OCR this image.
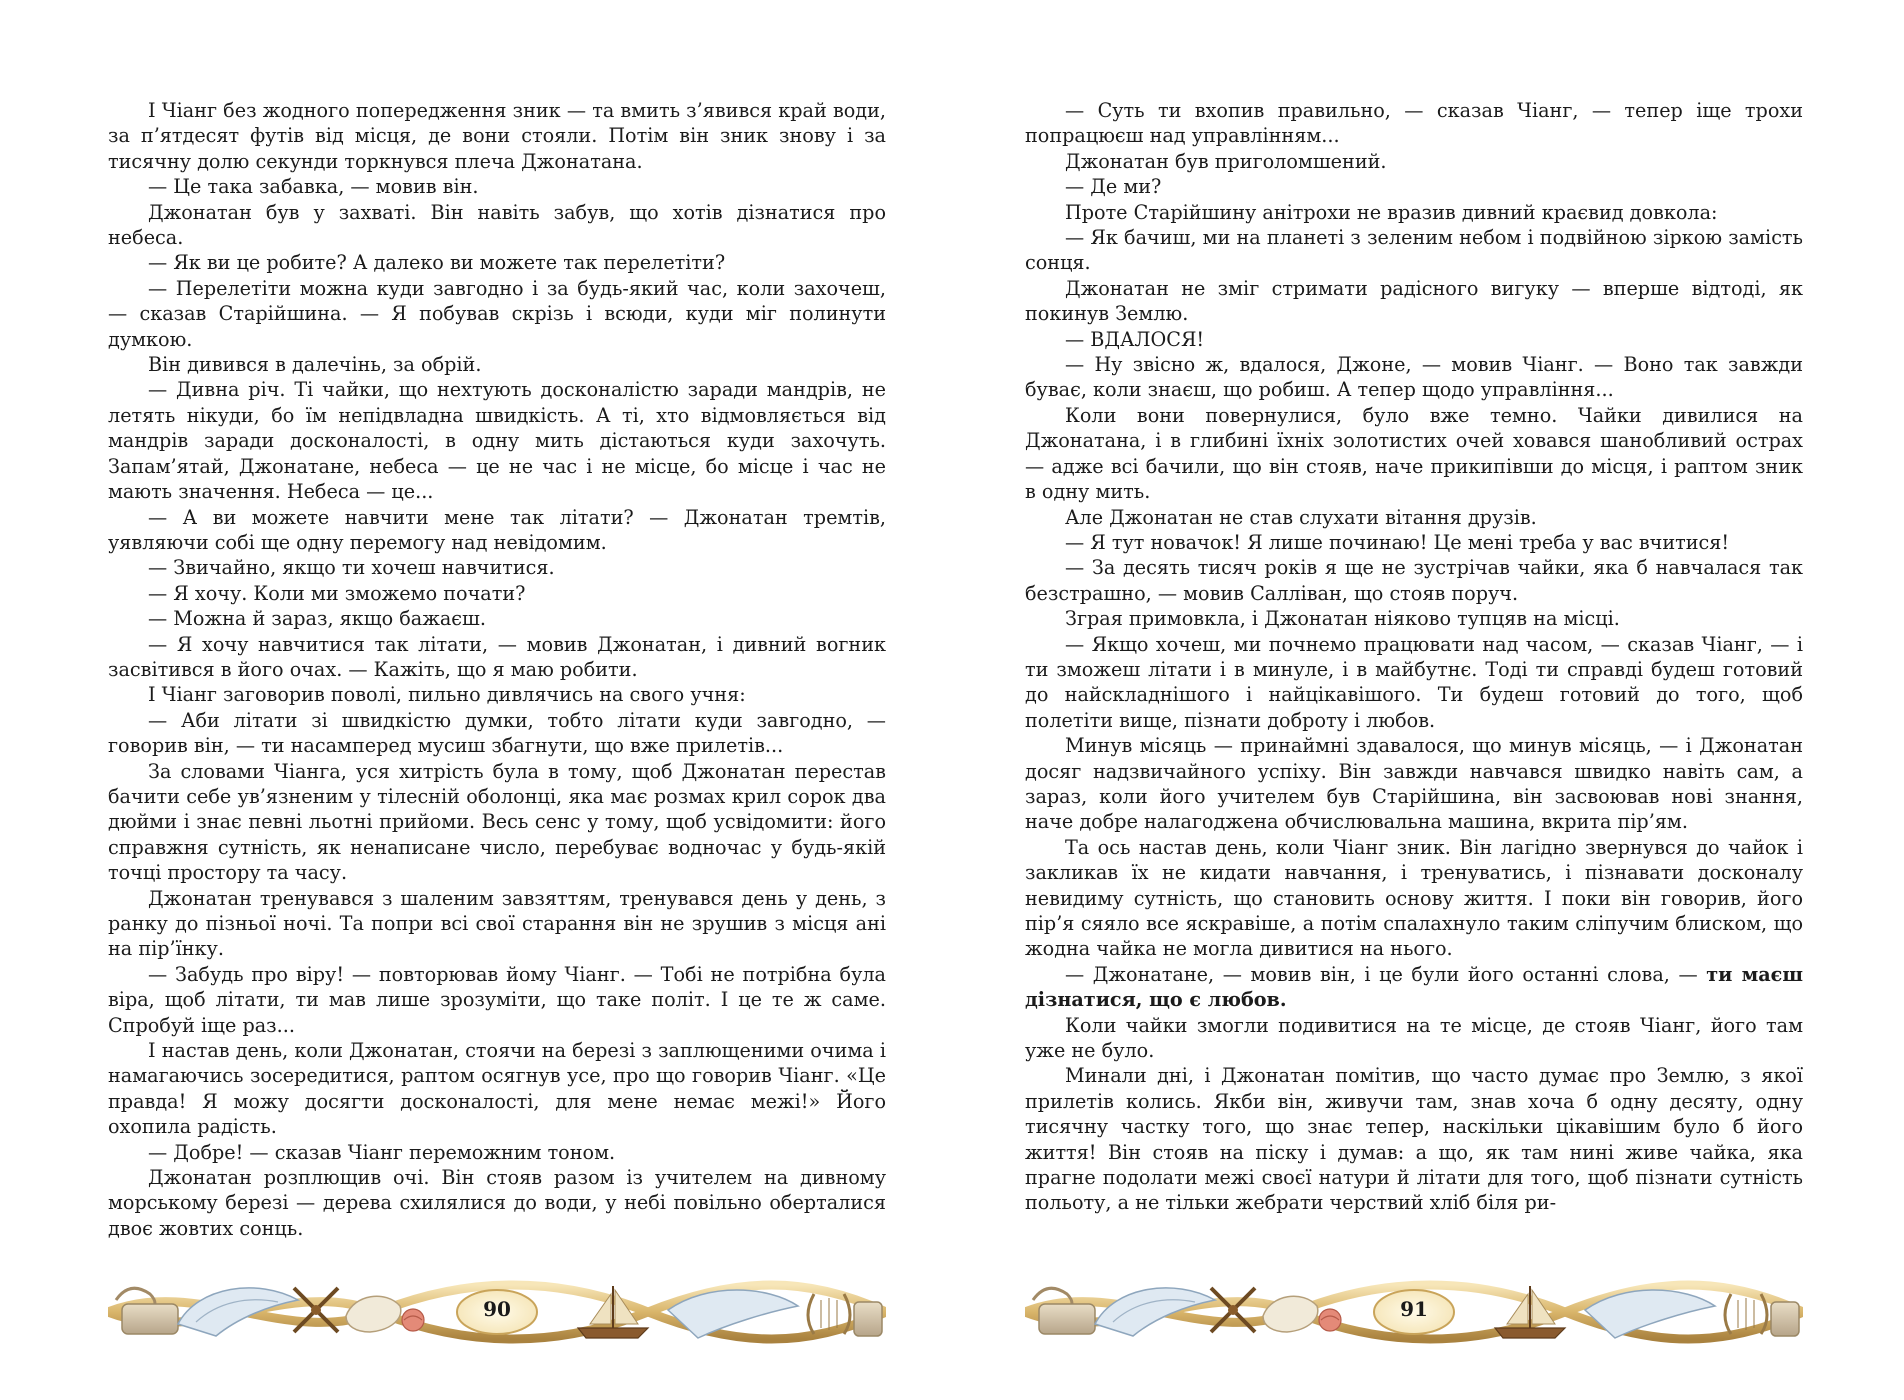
І Чіанг без жодного попередження зник — та вмить з’явився край води, за п’ятдесят футів від місця, де вони стояли. Потім він зник знову і за тисячну долю секунди торкнувся плеча Джонатана.

— Це така забавка, — мовив він.

Джонатан був у захваті. Він навіть забув, що хотів дізнатися про небеса.

— Як ви це робите? А далеко ви можете так перелетіти?

— Перелетіти можна куди завгодно і за будь-який час, коли захочеш, — сказав Старійшина. — Я побував скрізь і всюди, куди міг полинути думкою.

Він дивився в далечінь, за обрій.

— Дивна річ. Ті чайки, що нехтують досконалістю заради мандрів, не летять нікуди, бо їм непідвладна швидкість. А ті, хто відмовляється від мандрів заради досконалості, в одну мить дістаються куди захочуть. Запам’ятай, Джонатане, небеса — це не час і не місце, бо місце і час не мають значення. Небеса — це...

— А ви можете навчити мене так літати? — Джонатан тремтів, уявляючи собі ще одну перемогу над невідомим.

— Звичайно, якщо ти хочеш навчитися.

— Я хочу. Коли ми зможемо почати?

— Можна й зараз, якщо бажаєш.

— Я хочу навчитися так літати, — мовив Джонатан, і дивний вогник засвітився в його очах. — Кажіть, що я маю робити.

І Чіанг заговорив поволі, пильно дивлячись на свого учня:

— Аби літати зі швидкістю думки, тобто літати куди завгодно, — говорив він, — ти насамперед мусиш збагнути, що вже прилетів...

За словами Чіанга, уся хитрість була в тому, щоб Джонатан перестав бачити себе ув’язненим у тілесній оболонці, яка має розмах крил сорок два дюйми і знає певні льотні прийоми. Весь сенс у тому, щоб усвідомити: його справжня сутність, як ненаписане число, перебуває водночас у будь-якій точці простору та часу.

Джонатан тренувався з шаленим завзяттям, тренувався день у день, з ранку до пізньої ночі. Та попри всі свої старання він не зрушив з місця ані на пір’їнку.

— Забудь про віру! — повторював йому Чіанг. — Тобі не потрібна була віра, щоб літати, ти мав лише зрозуміти, що таке політ. І це те ж саме. Спробуй іще раз...

І настав день, коли Джонатан, стоячи на березі з заплющеними очима і намагаючись зосередитися, раптом осягнув усе, про що говорив Чіанг. «Це правда! Я можу досягти досконалості, для мене немає межі!» Його охопила радість.

— Добре! — сказав Чіанг переможним тоном.

Джонатан розплющив очі. Він стояв разом із учителем на дивному морському березі — дерева схилялися до води, у небі повільно оберталися двоє жовтих сонць.

90

— Суть ти вхопив правильно, — сказав Чіанг, — тепер іще трохи попрацюєш над управлінням...

Джонатан був приголомшений.

— Де ми?

Проте Старійшину анітрохи не вразив дивний краєвид довкола:

— Як бачиш, ми на планеті з зеленим небом і подвійною зіркою замість сонця.

Джонатан не зміг стримати радісного вигуку — вперше відтоді, як покинув Землю.

— ВДАЛОСЯ!

— Ну звісно ж, вдалося, Джоне, — мовив Чіанг. — Воно так завжди буває, коли знаєш, що робиш. А тепер щодо управління...

Коли вони повернулися, було вже темно. Чайки дивилися на Джонатана, і в глибині їхніх золотистих очей ховався шанобливий острах — адже всі бачили, що він стояв, наче прикипівши до місця, і раптом зник в одну мить.

Але Джонатан не став слухати вітання друзів.

— Я тут новачок! Я лише починаю! Це мені треба у вас вчитися!

— За десять тисяч років я ще не зустрічав чайки, яка б навчалася так безстрашно, — мовив Салліван, що стояв поруч.

Зграя примовкла, і Джонатан ніяково тупцяв на місці.

— Якщо хочеш, ми почнемо працювати над часом, — сказав Чіанг, — і ти зможеш літати і в минуле, і в майбутнє. Тоді ти справді будеш готовий до найскладнішого і найцікавішого. Ти будеш готовий до того, щоб полетіти вище, пізнати доброту і любов.

Минув місяць — принаймні здавалося, що минув місяць, — і Джонатан досяг надзвичайного успіху. Він завжди навчався швидко навіть сам, а зараз, коли його учителем був Старійшина, він засвоював нові знання, наче добре налагоджена обчислювальна машина, вкрита пір’ям.

Та ось настав день, коли Чіанг зник. Він лагідно звернувся до чайок і закликав їх не кидати навчання, і тренуватись, і пізнавати досконалу невидиму сутність, що становить основу життя. І поки він говорив, його пір’я сяяло все яскравіше, а потім спалахнуло таким сліпучим блиском, що жодна чайка не могла дивитися на нього.

— Джонатане, — мовив він, і це були його останні слова, — ти маєш дізнатися, що є любов.

Коли чайки змогли подивитися на те місце, де стояв Чіанг, його там уже не було.

Минали дні, і Джонатан помітив, що часто думає про Землю, з якої прилетів колись. Якби він, живучи там, знав хоча б одну десяту, одну тисячну частку того, що знає тепер, наскільки цікавішим було б його життя! Він стояв на піску і думав: а що, як там нині живе чайка, яка прагне подолати межі своєї натури й літати для того, щоб пізнати сутність польоту, а не тільки жебрати черствий хліб біля ри-

91
